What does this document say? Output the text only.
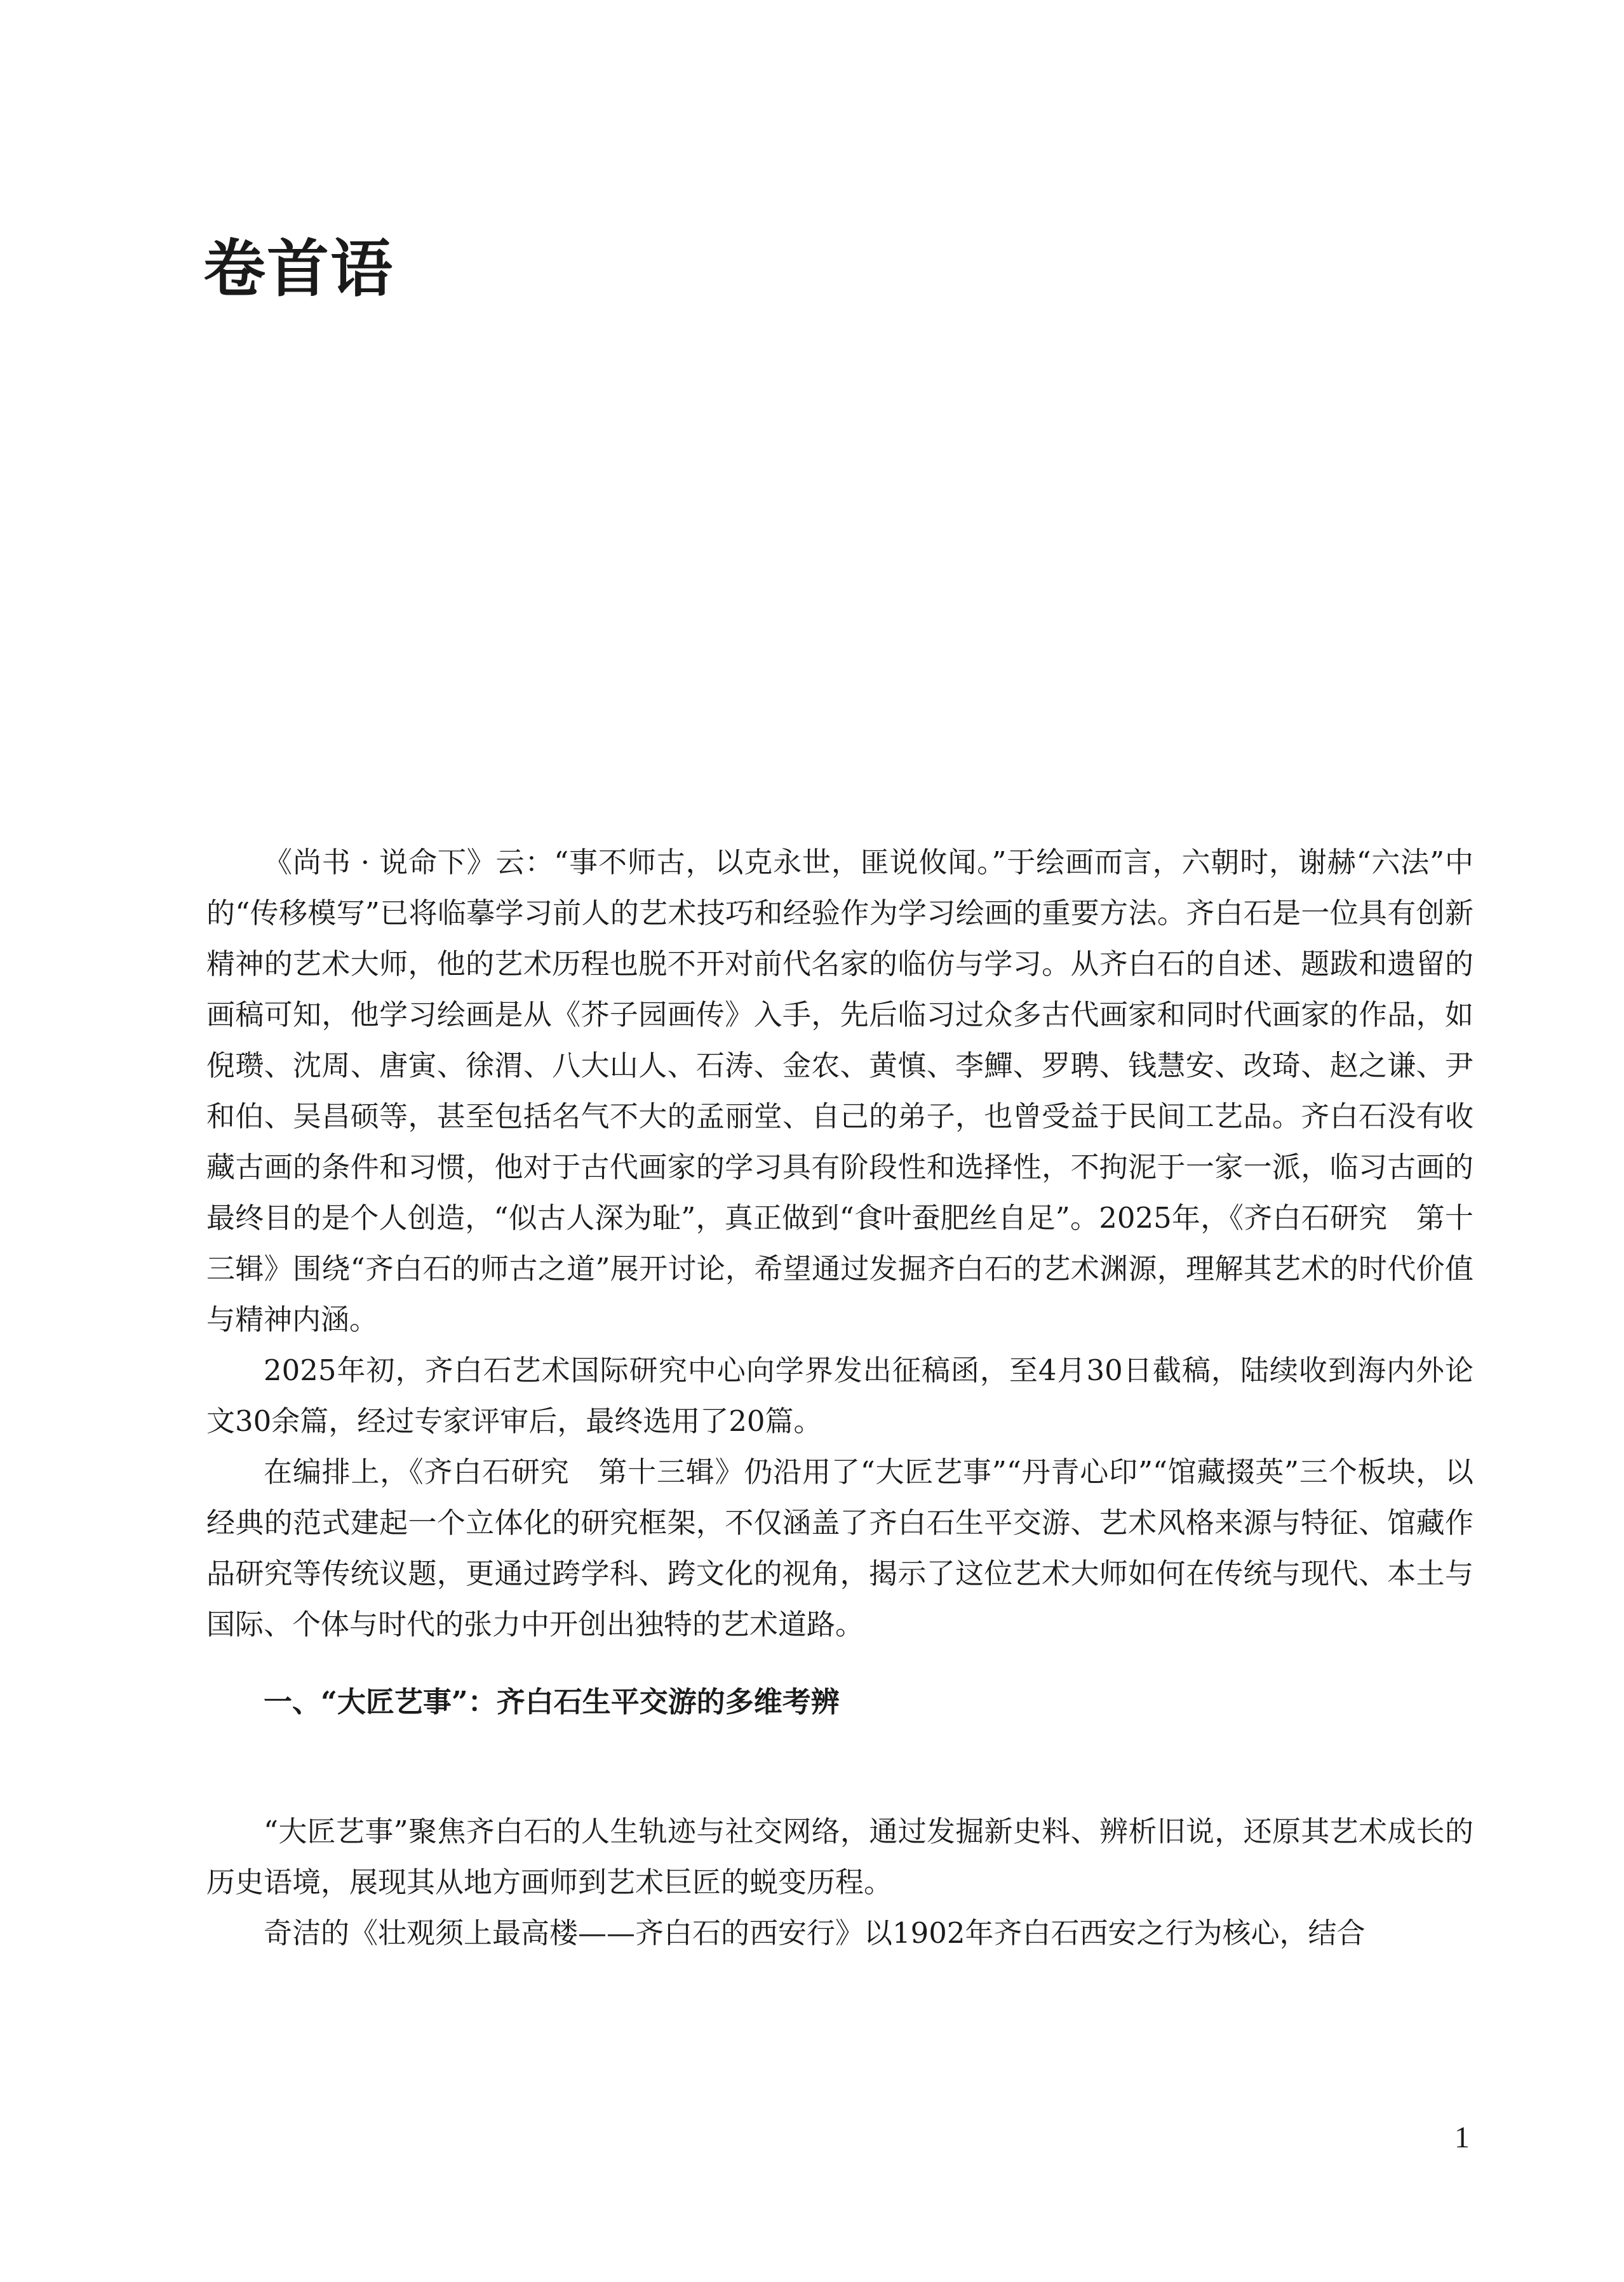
卷首语

《尚书 · 说命下》云：“事不师古，以克永世，匪说攸闻。”于绘画而言，六朝时，谢赫“六法”中的“传移模写”已将临摹学习前人的艺术技巧和经验作为学习绘画的重要方法。齐白石是一位具有创新精神的艺术大师，他的艺术历程也脱不开对前代名家的临仿与学习。从齐白石的自述、题跋和遗留的画稿可知，他学习绘画是从《芥子园画传》入手，先后临习过众多古代画家和同时代画家的作品，如倪瓒、沈周、唐寅、徐渭、八大山人、石涛、金农、黄慎、李鱓、罗聘、钱慧安、改琦、赵之谦、尹和伯、吴昌硕等，甚至包括名气不大的孟丽堂、自己的弟子，也曾受益于民间工艺品。齐白石没有收藏古画的条件和习惯，他对于古代画家的学习具有阶段性和选择性，不拘泥于一家一派，临习古画的最终目的是个人创造，“似古人深为耻”，真正做到“食叶蚕肥丝自足”。2025年，《齐白石研究　第十三辑》围绕“齐白石的师古之道”展开讨论，希望通过发掘齐白石的艺术渊源，理解其艺术的时代价值与精神内涵。

2025年初，齐白石艺术国际研究中心向学界发出征稿函，至4月30日截稿，陆续收到海内外论文30余篇，经过专家评审后，最终选用了20篇。

在编排上，《齐白石研究　第十三辑》仍沿用了“大匠艺事”“丹青心印”“馆藏掇英”三个板块，以经典的范式建起一个立体化的研究框架，不仅涵盖了齐白石生平交游、艺术风格来源与特征、馆藏作品研究等传统议题，更通过跨学科、跨文化的视角，揭示了这位艺术大师如何在传统与现代、本土与国际、个体与时代的张力中开创出独特的艺术道路。

一、“大匠艺事”：齐白石生平交游的多维考辨

“大匠艺事”聚焦齐白石的人生轨迹与社交网络，通过发掘新史料、辨析旧说，还原其艺术成长的历史语境，展现其从地方画师到艺术巨匠的蜕变历程。

奇洁的《壮观须上最高楼——齐白石的西安行》以1902年齐白石西安之行为核心，结合

1
